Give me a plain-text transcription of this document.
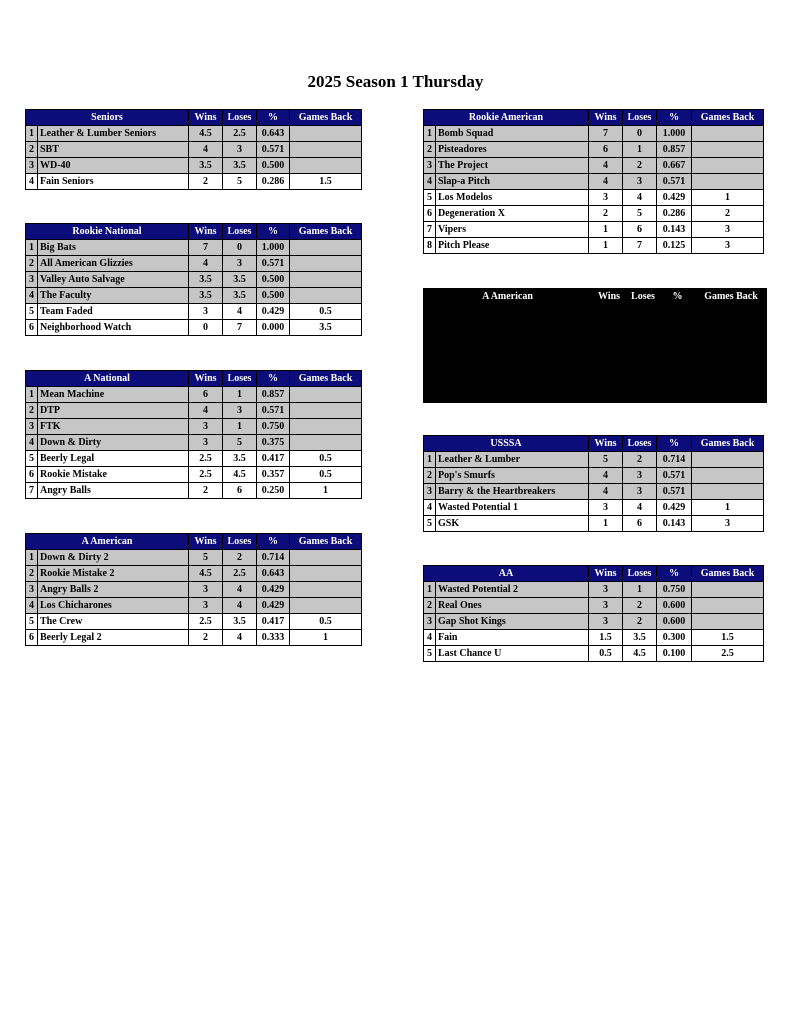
2025 Season 1 Thursday
Seniors		Wins	Loses	%	Games Back
1	Leather & Lumber Seniors	4.5	2.5	0.643	
2	SBT	4	3	0.571	
3	WD-40	3.5	3.5	0.500	
4	Fain Seniors	2	5	0.286	1.5
Rookie National		Wins	Loses	%	Games Back
1	Big Bats	7	0	1.000	
2	All American Glizzies	4	3	0.571	
3	Valley Auto Salvage	3.5	3.5	0.500	
4	The Faculty	3.5	3.5	0.500	
5	Team Faded	3	4	0.429	0.5
6	Neighborhood Watch	0	7	0.000	3.5
A National		Wins	Loses	%	Games Back
1	Mean Machine	6	1	0.857	
2	DTP	4	3	0.571	
3	FTK	3	1	0.750	
4	Down & Dirty	3	5	0.375	
5	Beerly Legal	2.5	3.5	0.417	0.5
6	Rookie Mistake	2.5	4.5	0.357	0.5
7	Angry Balls	2	6	0.250	1
A American		Wins	Loses	%	Games Back
1	Down & Dirty 2	5	2	0.714	
2	Rookie Mistake 2	4.5	2.5	0.643	
3	Angry Balls 2	3	4	0.429	
4	Los Chicharones	3	4	0.429	
5	The Crew	2.5	3.5	0.417	0.5
6	Beerly Legal 2	2	4	0.333	1
Rookie American		Wins	Loses	%	Games Back
1	Bomb Squad	7	0	1.000	
2	Pisteadores	6	1	0.857	
3	The Project	4	2	0.667	
4	Slap-a Pitch	4	3	0.571	
5	Los Modelos	3	4	0.429	1
6	Degeneration X	2	5	0.286	2
7	Vipers	1	6	0.143	3
8	Pitch Please	1	7	0.125	3
A American	Wins	Loses	%	Games Back
USSSA		Wins	Loses	%	Games Back
1	Leather & Lumber	5	2	0.714	
2	Pop's Smurfs	4	3	0.571	
3	Barry & the Heartbreakers	4	3	0.571	
4	Wasted Potential 1	3	4	0.429	1
5	GSK	1	6	0.143	3
AA		Wins	Loses	%	Games Back
1	Wasted Potential 2	3	1	0.750	
2	Real Ones	3	2	0.600	
3	Gap Shot Kings	3	2	0.600	
4	Fain	1.5	3.5	0.300	1.5
5	Last Chance U	0.5	4.5	0.100	2.5
